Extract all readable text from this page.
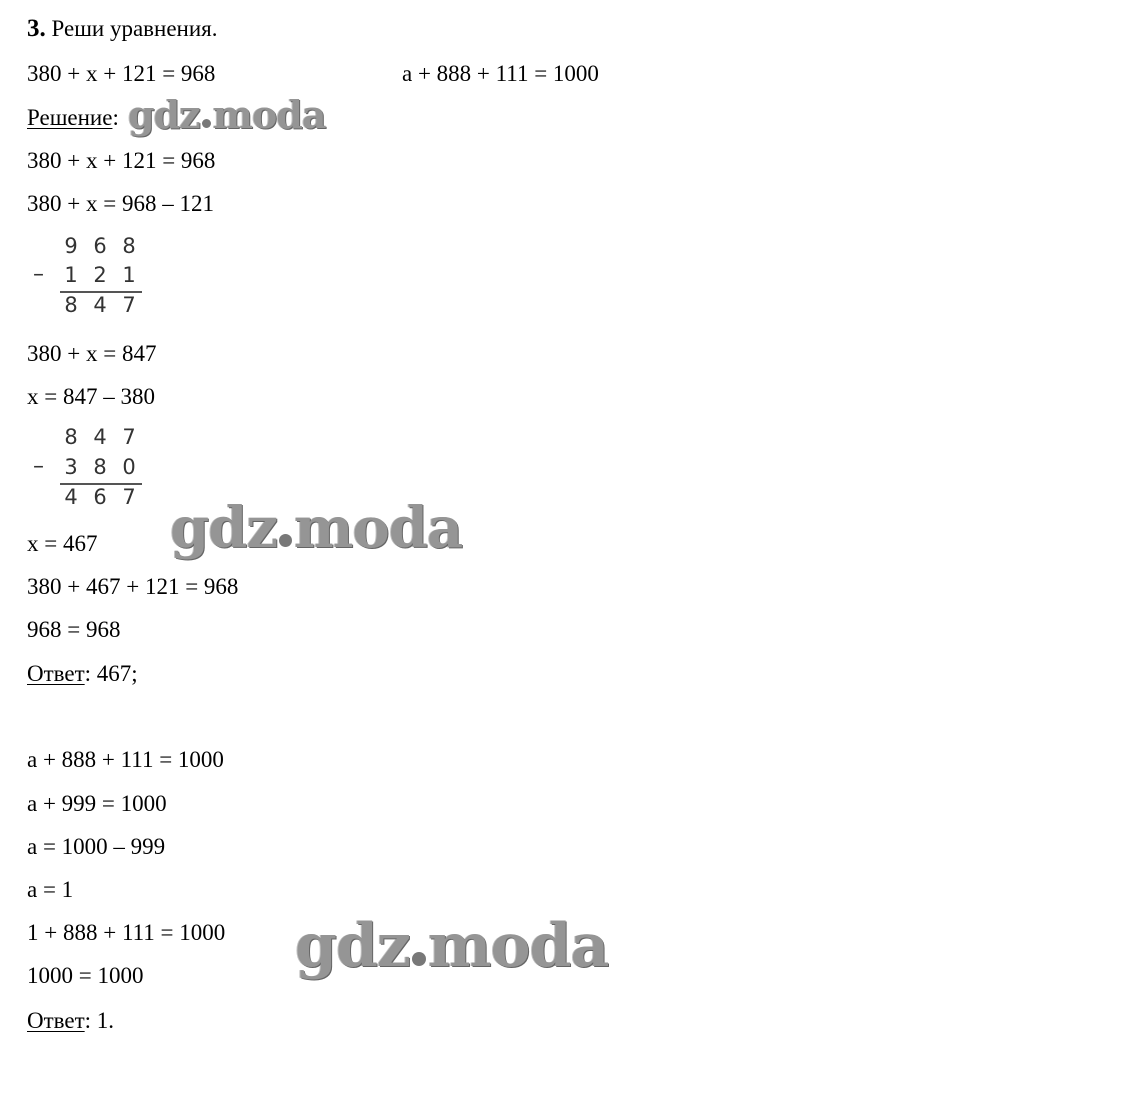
3. Реши уравнения.
380 + x + 121 = 968	a + 888 + 111 = 1000
Решение:
380 + x + 121 = 968
380 + x = 968 – 121
–
9 6 8
1 2 1
8 4 7
380 + x = 847
x = 847 – 380
–
8 4 7
3 8 0
4 6 7
x = 467
380 + 467 + 121 = 968
968 = 968
Ответ: 467;
a + 888 + 111 = 1000
a + 999 = 1000
a = 1000 – 999
a = 1
1 + 888 + 111 = 1000
1000 = 1000
Ответ: 1.
gdz moda
gdz moda
gdz moda
